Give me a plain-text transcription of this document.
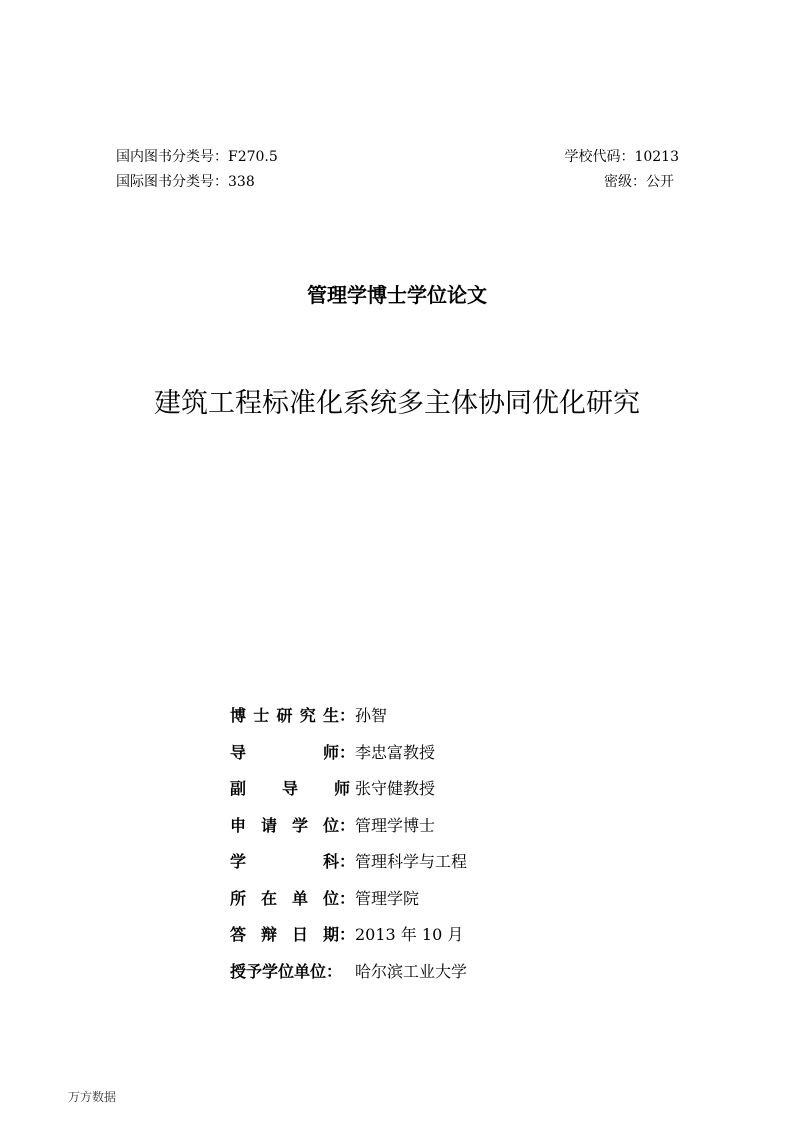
国内图书分类号：F270.5
国际图书分类号：338
学校代码：10213
密级：公开
管理学博士学位论文
建筑工程标准化系统多主体协同优化研究
博 士 研 究 生： 孙智
导	师： 李忠富教授
副 导 师 张守健教授
申 请 学 位： 管理学博士
学	科： 管理科学与工程
所 在 单 位： 管理学院
答 辩 日 期： 2013 年 10 月
授予学位单位： 哈尔滨工业大学
万方数据
